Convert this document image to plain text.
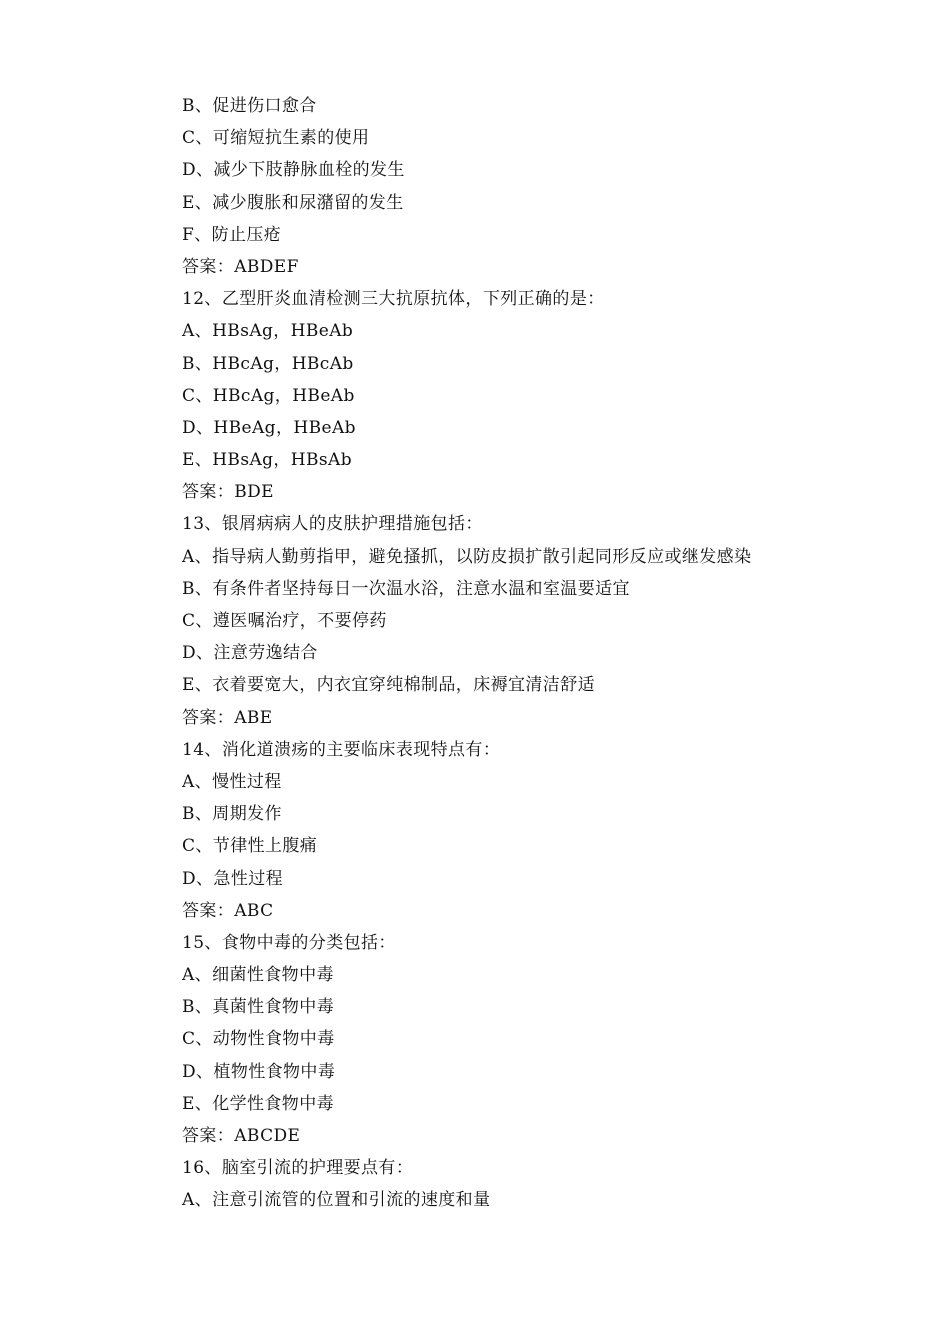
B、促进伤口愈合
C、可缩短抗生素的使用
D、减少下肢静脉血栓的发生
E、减少腹胀和尿潴留的发生
F、防止压疮
答案：ABDEF
12、乙型肝炎血清检测三大抗原抗体，下列正确的是：
A、HBsAg，HBeAb
B、HBcAg，HBcAb
C、HBcAg，HBeAb
D、HBeAg，HBeAb
E、HBsAg，HBsAb
答案：BDE
13、银屑病病人的皮肤护理措施包括：
A、指导病人勤剪指甲，避免搔抓，以防皮损扩散引起同形反应或继发感染
B、有条件者坚持每日一次温水浴，注意水温和室温要适宜
C、遵医嘱治疗，不要停药
D、注意劳逸结合
E、衣着要宽大，内衣宜穿纯棉制品，床褥宜清洁舒适
答案：ABE
14、消化道溃疡的主要临床表现特点有：
A、慢性过程
B、周期发作
C、节律性上腹痛
D、急性过程
答案：ABC
15、食物中毒的分类包括：
A、细菌性食物中毒
B、真菌性食物中毒
C、动物性食物中毒
D、植物性食物中毒
E、化学性食物中毒
答案：ABCDE
16、脑室引流的护理要点有：
A、注意引流管的位置和引流的速度和量
